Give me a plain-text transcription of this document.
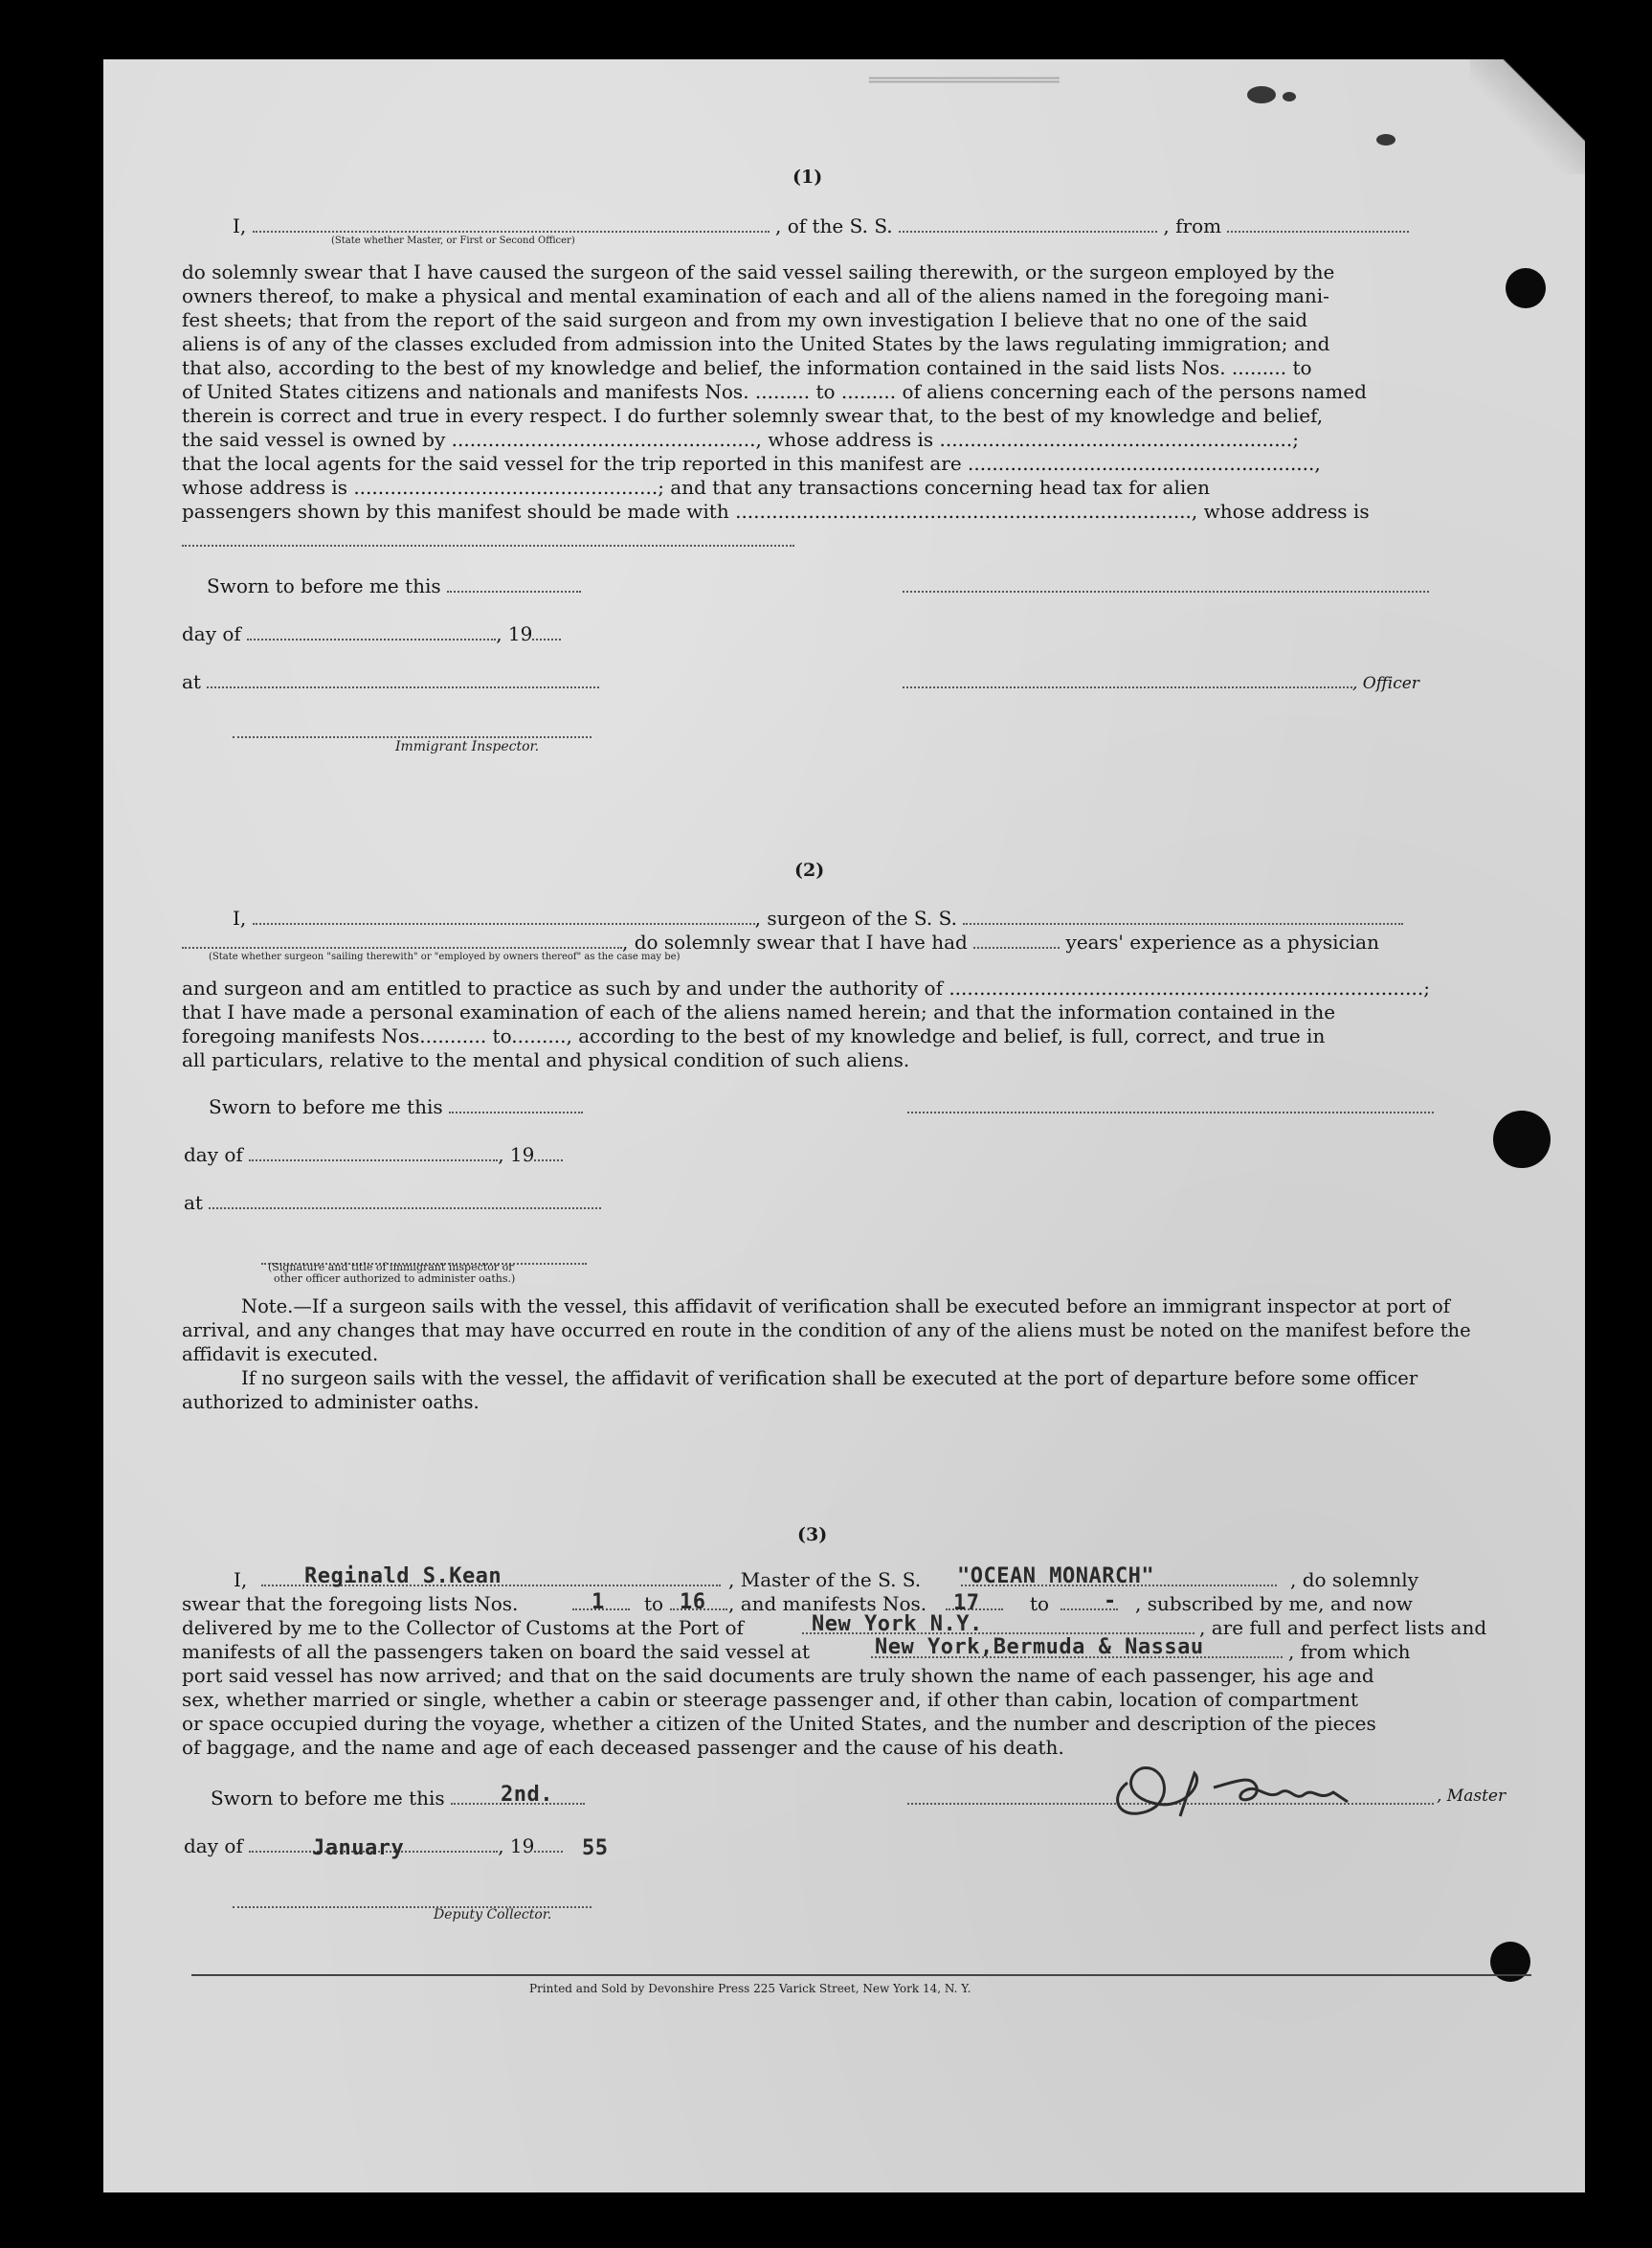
═══════════════
(1)
I,	, of the S. S.	, from
(State whether Master, or First or Second Officer)
do solemnly swear that I have caused the surgeon of the said vessel sailing therewith, or the surgeon employed by the
owners thereof, to make a physical and mental examination of each and all of the aliens named in the foregoing mani-
fest sheets; that from the report of the said surgeon and from my own investigation I believe that no one of the said
aliens is of any of the classes excluded from admission into the United States by the laws regulating immigration; and
that also, according to the best of my knowledge and belief, the information contained in the said lists Nos. ......... to
of United States citizens and nationals and manifests Nos. ......... to ......... of aliens concerning each of the persons named
therein is correct and true in every respect. I do further solemnly swear that, to the best of my knowledge and belief,
the said vessel is owned by .................................................., whose address is ..........................................................;
that the local agents for the said vessel for the trip reported in this manifest are .........................................................,
whose address is ..................................................; and that any transactions concerning head tax for alien
passengers shown by this manifest should be made with ..........................................................................., whose address is
Sworn to before me this
day of	, 19
at	, Officer
Immigrant Inspector.
(2)
I,	, surgeon of the S. S.
, do solemnly swear that I have had	years' experience as a physician
(State whether surgeon "sailing therewith" or "employed by owners thereof" as the case may be)
and surgeon and am entitled to practice as such by and under the authority of ..............................................................................;
that I have made a personal examination of each of the aliens named herein; and that the information contained in the
foregoing manifests Nos........... to........., according to the best of my knowledge and belief, is full, correct, and true in
all particulars, relative to the mental and physical condition of such aliens.
Sworn to before me this
day of	, 19
at
(Signature and title of immigrant inspector or
other officer authorized to administer oaths.)
Note.—If a surgeon sails with the vessel, this affidavit of verification shall be executed before an immigrant inspector at port of arrival, and any changes that may have occurred en route in the condition of any of the aliens must be noted on the manifest before the affidavit is executed.
If no surgeon sails with the vessel, the affidavit of verification shall be executed at the port of departure before some officer authorized to administer oaths.
(3)
I,	Reginald S.Kean	, Master of the S. S. "OCEAN MONARCH"	, do solemnly
swear that the foregoing lists Nos.	1 to 16 , and manifests Nos. 17	to	- , subscribed by me, and now
delivered by me to the Collector of Customs at the Port of	New York N.Y.	, are full and perfect lists and
manifests of all the passengers taken on board the said vessel at	New York,Bermuda & Nassau	, from which
port said vessel has now arrived; and that on the said documents are truly shown the name of each passenger, his age and
sex, whether married or single, whether a cabin or steerage passenger and, if other than cabin, location of compartment
or space occupied during the voyage, whether a citizen of the United States, and the number and description of the pieces
of baggage, and the name and age of each deceased passenger and the cause of his death.
Sworn to before me this	2nd.	, Master
day of	, 19
January	55
Deputy Collector.
Printed and Sold by Devonshire Press 225 Varick Street, New York 14, N. Y.
